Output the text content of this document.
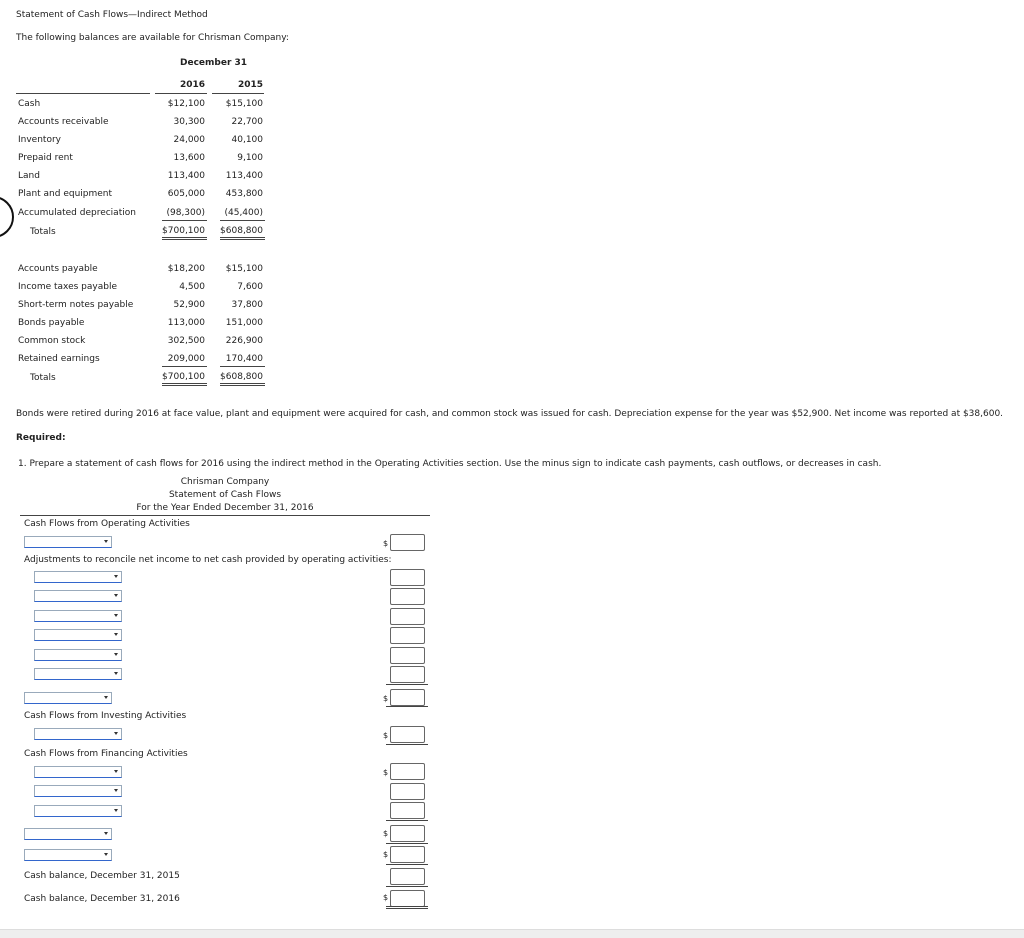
Statement of Cash Flows—Indirect Method
The following balances are available for Chrisman Company:
December 31
2016	2015
Cash	$12,100	$15,100
Accounts receivable	30,300	22,700
Inventory	24,000	40,100
Prepaid rent	13,600	9,100
Land	113,400	113,400
Plant and equipment	605,000	453,800
Accumulated depreciation	(98,300)	(45,400)
Totals	$700,100	$608,800
Accounts payable	$18,200	$15,100
Income taxes payable	4,500	7,600
Short-term notes payable	52,900	37,800
Bonds payable	113,000	151,000
Common stock	302,500	226,900
Retained earnings	209,000	170,400
Totals	$700,100	$608,800
Bonds were retired during 2016 at face value, plant and equipment were acquired for cash, and common stock was issued for cash. Depreciation expense for the year was $52,900. Net income was reported at $38,600.
Required:
1. Prepare a statement of cash flows for 2016 using the indirect method in the Operating Activities section. Use the minus sign to indicate cash payments, cash outflows, or decreases in cash.
Chrisman Company
Statement of Cash Flows
For the Year Ended December 31, 2016
Cash Flows from Operating Activities
$
Adjustments to reconcile net income to net cash provided by operating activities:
$
Cash Flows from Investing Activities
$
Cash Flows from Financing Activities
$
$
$
Cash balance, December 31, 2015
Cash balance, December 31, 2016	$
